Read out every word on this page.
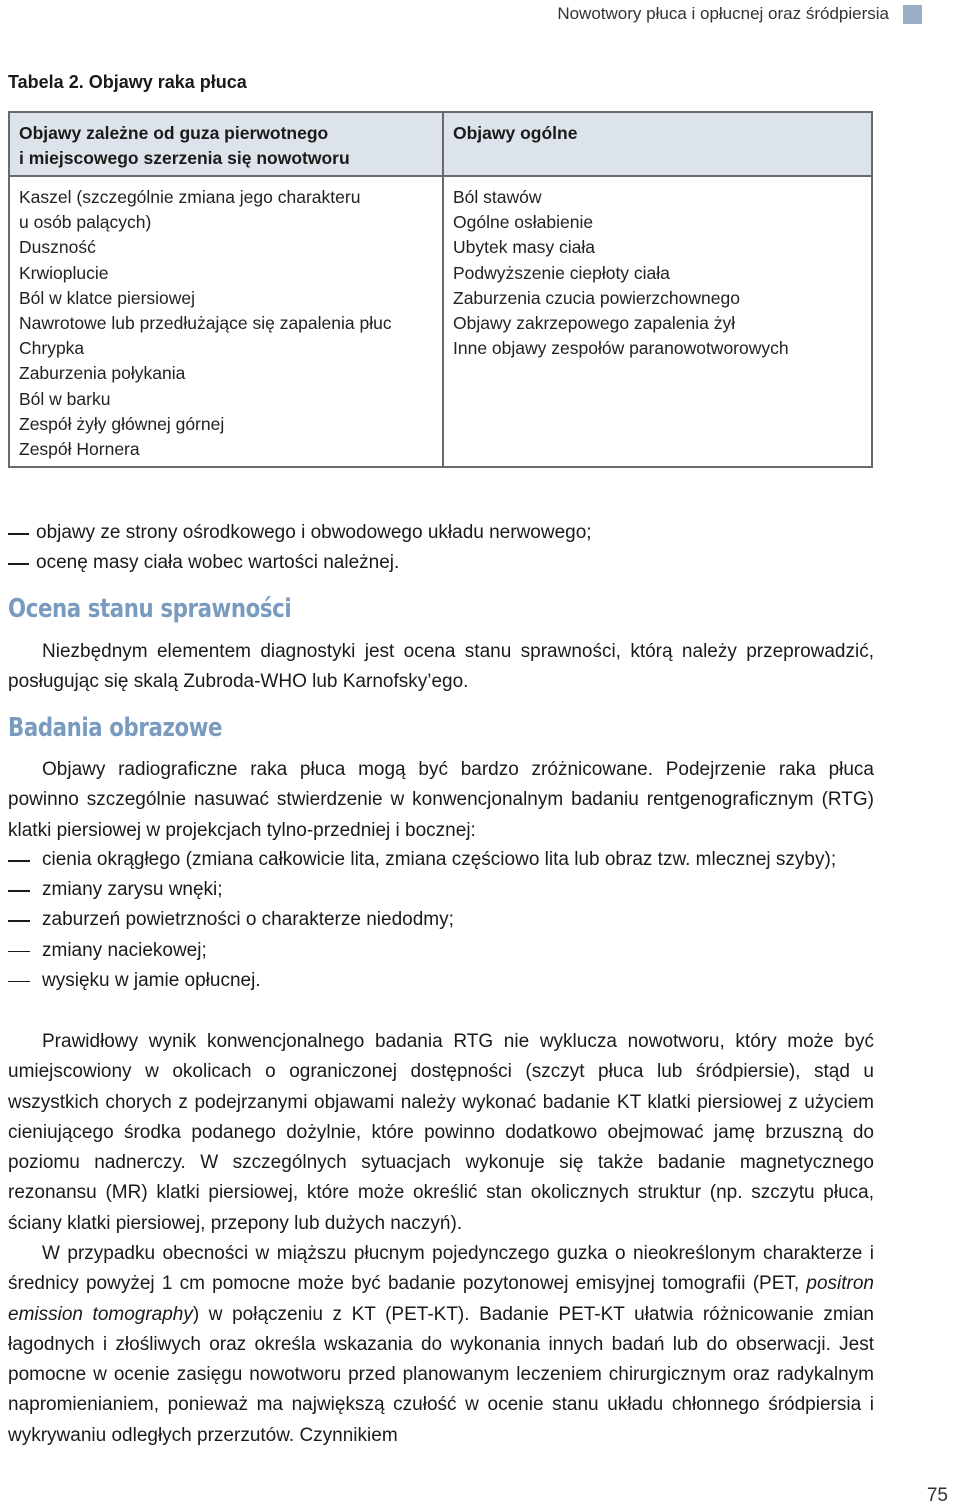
Nowotwory płuca i opłucnej oraz śródpiersia
Tabela 2. Objawy raka płuca
Objawy zależne od guza pierwotnego
i miejscowego szerzenia się nowotworu
Kaszel (szczególnie zmiana jego charakteru
u osób palących)
Duszność
Krwioplucie
Ból w klatce piersiowej
Nawrotowe lub przedłużające się zapalenia płuc
Chrypka
Zaburzenia połykania
Ból w barku
Zespół żyły głównej górnej
Zespół Hornera
Objawy ogólne
Ból stawów
Ogólne osłabienie
Ubytek masy ciała
Podwyższenie ciepłoty ciała
Zaburzenia czucia powierzchownego
Objawy zakrzepowego zapalenia żył
Inne objawy zespołów paranowotworowych
objawy ze strony ośrodkowego i obwodowego układu nerwowego;
ocenę masy ciała wobec wartości należnej.
Ocena stanu sprawności

Niezbędnym elementem diagnostyki jest ocena stanu sprawności, którą należy przeprowadzić, posługując się skalą Zubroda-WHO lub Karnofsky’ego.

Badania obrazowe

Objawy radiograficzne raka płuca mogą być bardzo zróżnicowane. Podejrzenie raka płuca powinno szczególnie nasuwać stwierdzenie w konwencjonalnym badaniu rentgenograficznym (RTG) klatki piersiowej w projekcjach tylno-przedniej i bocznej:

cienia okrągłego (zmiana całkowicie lita, zmiana częściowo lita lub obraz tzw. mlecznej szyby);
zmiany zarysu wnęki;
zaburzeń powietrzności o charakterze niedodmy;
zmiany naciekowej;
wysięku w jamie opłucnej.

Prawidłowy wynik konwencjonalnego badania RTG nie wyklucza nowotworu, który może być umiejscowiony w okolicach o ograniczonej dostępności (szczyt płuca lub śródpiersie), stąd u wszystkich chorych z podejrzanymi objawami należy wykonać badanie KT klatki piersiowej z użyciem cieniującego środka podanego dożylnie, które powinno dodatkowo obejmować jamę brzuszną do poziomu nadnerczy. W szczególnych sytuacjach wykonuje się także badanie magnetycznego rezonansu (MR) klatki piersiowej, które może określić stan okolicznych struktur (np. szczytu płuca, ściany klatki piersiowej, przepony lub dużych naczyń).

W przypadku obecności w miąższu płucnym pojedynczego guzka o nieokreślonym charakterze i średnicy powyżej 1 cm pomocne może być badanie pozytonowej emisyjnej tomografii (PET, positron emission tomography) w połączeniu z KT (PET-KT). Badanie PET-KT ułatwia różnicowanie zmian łagodnych i złośliwych oraz określa wskazania do wykonania innych badań lub do obserwacji. Jest pomocne w ocenie zasięgu nowotworu przed planowanym leczeniem chirurgicznym oraz radykalnym napromienianiem, ponieważ ma największą czułość w ocenie stanu układu chłonnego śródpiersia i wykrywaniu odległych przerzutów. Czynnikiem

75
